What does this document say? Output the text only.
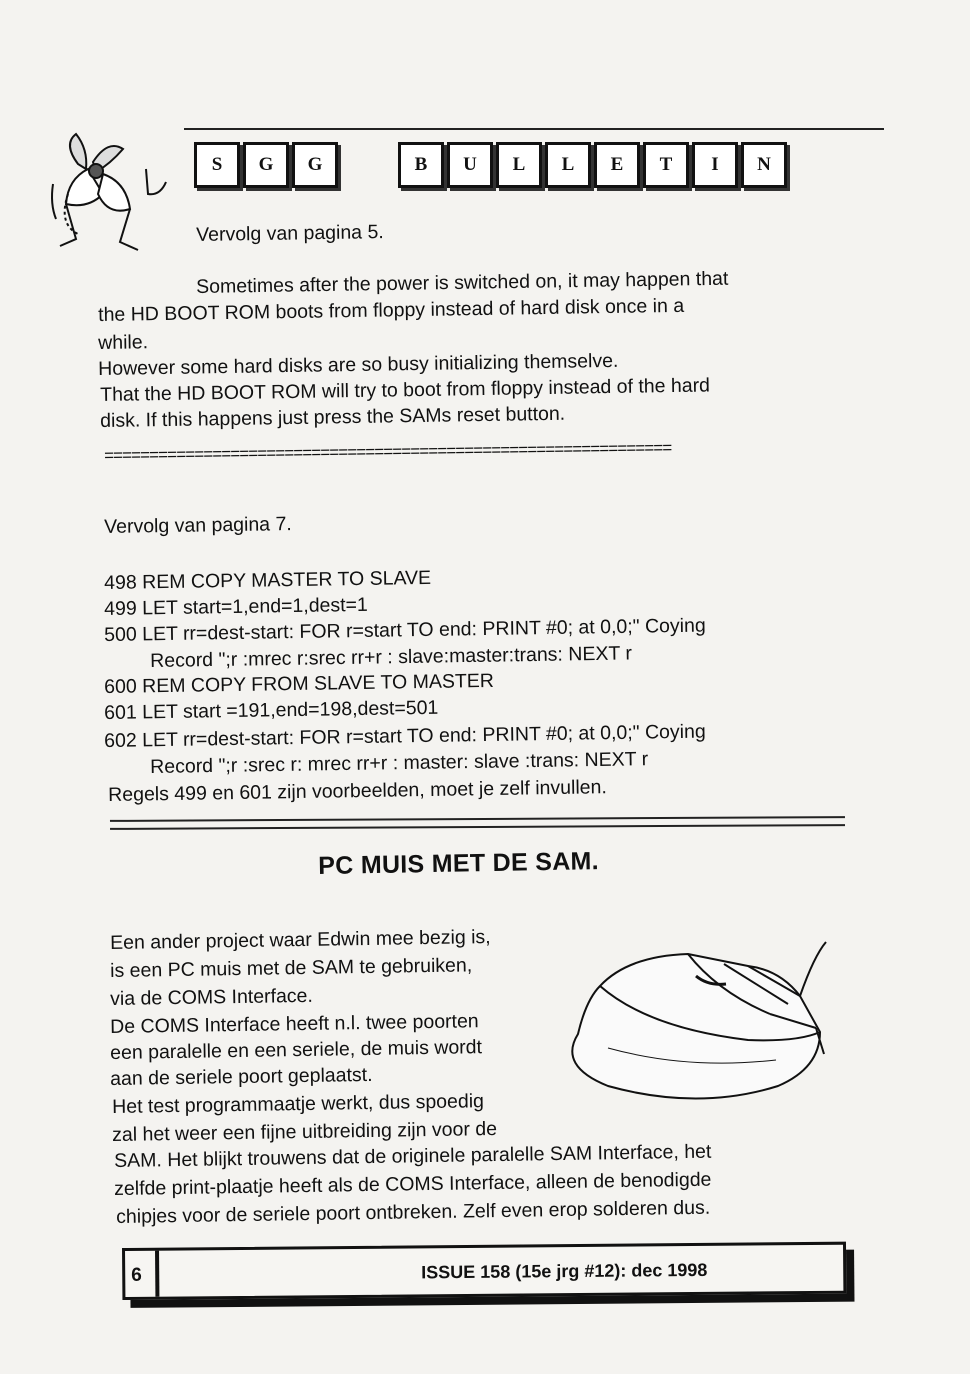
S	G	G	B	U	L	L	E	T	I	N
Vervolg van pagina 5.
Sometimes after the power is switched on, it may happen that
the HD BOOT ROM boots from floppy instead of hard disk once in a
while.
However some hard disks are so busy initializing themselve.
That the HD BOOT ROM will try to boot from floppy instead of the hard
disk. If this happens just press the SAMs reset button.
===============================================================
Vervolg van pagina 7.
498 REM COPY MASTER TO SLAVE
499 LET start=1,end=1,dest=1
500 LET rr=dest-start: FOR r=start TO end: PRINT #0; at 0,0;" Coying
Record ";r :mrec r:srec rr+r : slave:master:trans: NEXT r
600 REM COPY FROM SLAVE TO MASTER
601 LET start =191,end=198,dest=501
602 LET rr=dest-start: FOR r=start TO end: PRINT #0; at 0,0;" Coying
Record ";r :srec r: mrec rr+r : master: slave :trans: NEXT r
Regels 499 en 601 zijn voorbeelden, moet je zelf invullen.
PC MUIS MET DE SAM.
Een ander project waar Edwin mee bezig is,
is een PC muis met de SAM te gebruiken,
via de COMS Interface.
De COMS Interface heeft n.l. twee poorten
een paralelle en een seriele, de muis wordt
aan de seriele poort geplaatst.
Het test programmaatje werkt, dus spoedig
zal het weer een fijne uitbreiding zijn voor de
SAM. Het blijkt trouwens dat de originele paralelle SAM Interface, het
zelfde print-plaatje heeft als de COMS Interface, alleen de benodigde
chipjes voor de seriele poort ontbreken. Zelf even erop solderen dus.
6	ISSUE 158 (15e jrg #12): dec 1998
